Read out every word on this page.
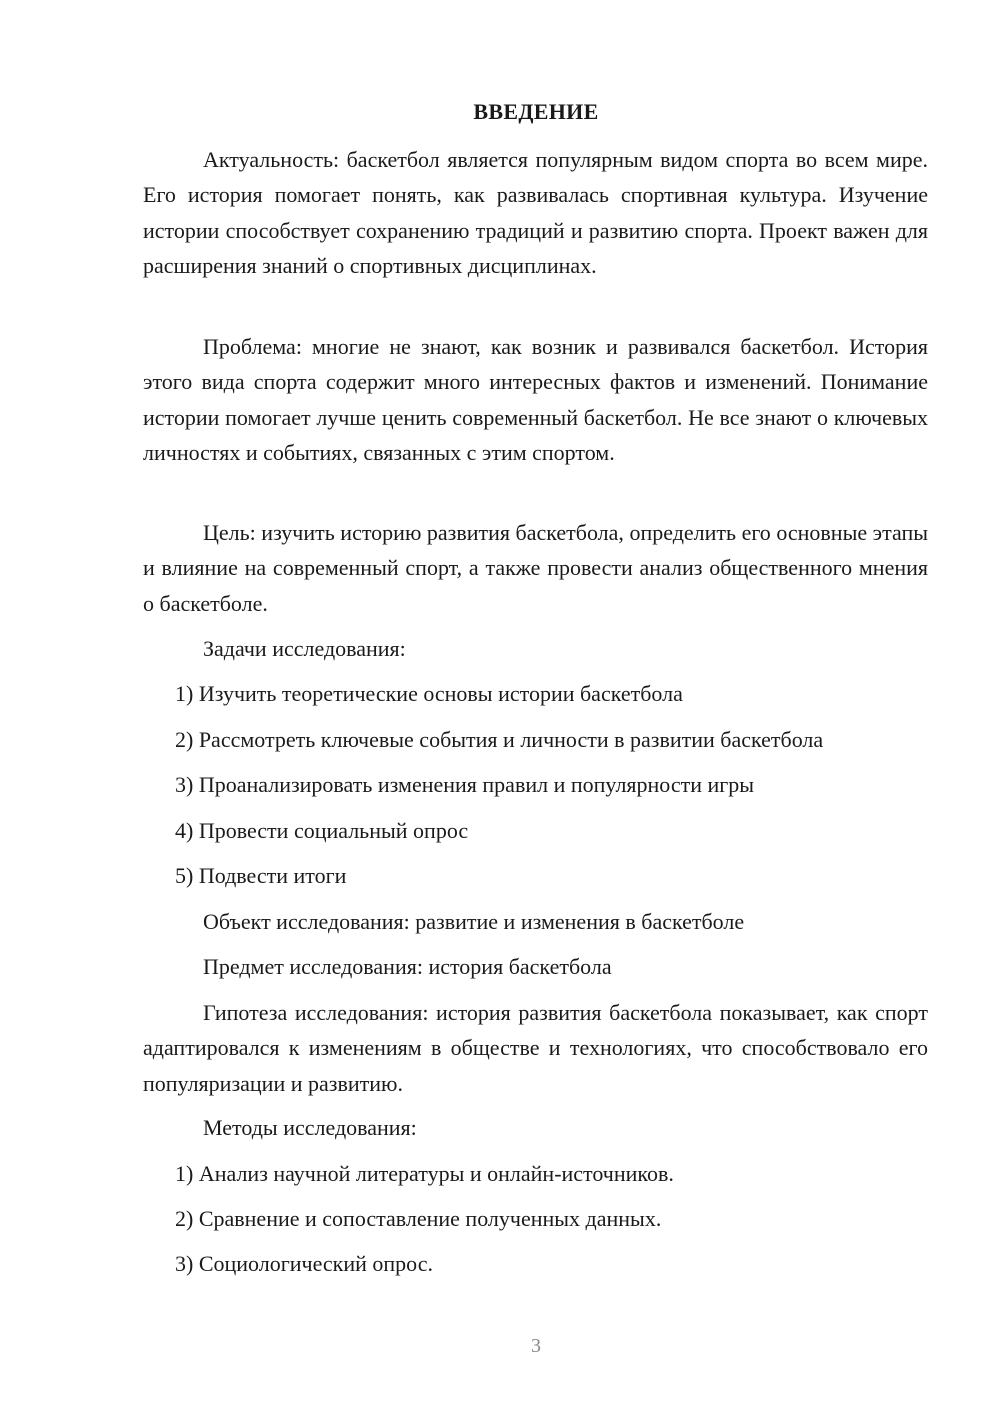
ВВЕДЕНИЕ
Актуальность: баскетбол является популярным видом спорта во всем мире. Его история помогает понять, как развивалась спортивная культура. Изучение истории способствует сохранению традиций и развитию спорта. Проект важен для расширения знаний о спортивных дисциплинах.
Проблема: многие не знают, как возник и развивался баскетбол. История этого вида спорта содержит много интересных фактов и изменений. Понимание истории помогает лучше ценить современный баскетбол. Не все знают о ключевых личностях и событиях, связанных с этим спортом.
Цель: изучить историю развития баскетбола, определить его основные этапы и влияние на современный спорт, а также провести анализ общественного мнения о баскетболе.
Задачи исследования:
1) Изучить теоретические основы истории баскетбола
2) Рассмотреть ключевые события и личности в развитии баскетбола
3) Проанализировать изменения правил и популярности игры
4) Провести социальный опрос
5) Подвести итоги
Объект исследования: развитие и изменения в баскетболе
Предмет исследования: история баскетбола
Гипотеза исследования: история развития баскетбола показывает, как спорт адаптировался к изменениям в обществе и технологиях, что способствовало его популяризации и развитию.
Методы исследования:
1) Анализ научной литературы и онлайн-источников.
2) Сравнение и сопоставление полученных данных.
3) Социологический опрос.
3
